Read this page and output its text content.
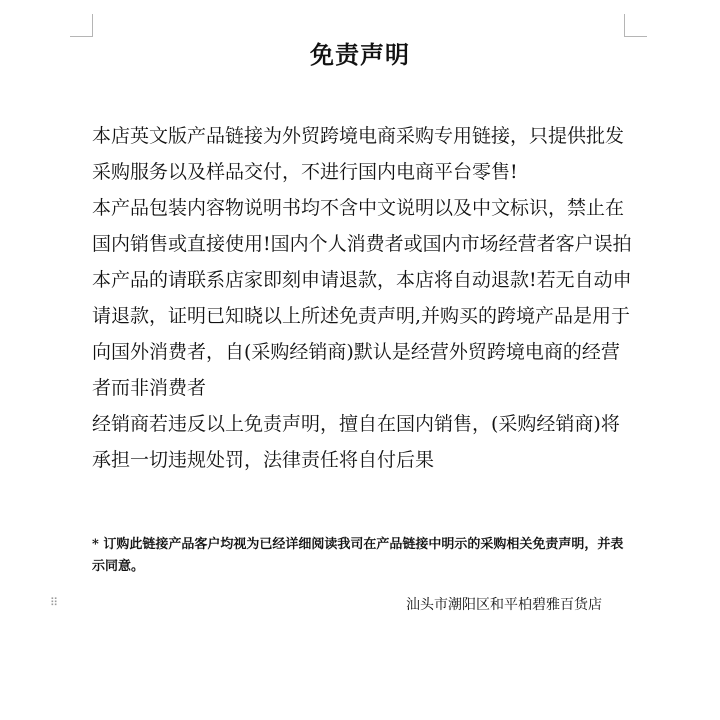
免责声明

本店英文版产品链接为外贸跨境电商采购专用链接，只提供批发采购服务以及样品交付，不进行国内电商平台零售!

本产品包装内容物说明书均不含中文说明以及中文标识，禁止在国内销售或直接使用!国内个人消费者或国内市场经营者客户误拍本产品的请联系店家即刻申请退款，本店将自动退款!若无自动申请退款，证明已知晓以上所述免责声明,并购买的跨境产品是用于向国外消费者，自(采购经销商)默认是经营外贸跨境电商的经营者而非消费者

经销商若违反以上免责声明，擅自在国内销售，(采购经销商)将承担一切违规处罚，法律责任将自付后果

* 订购此链接产品客户均视为已经详细阅读我司在产品链接中明示的采购相关免责声明，并表示同意。
⠿	汕头市潮阳区和平柏碧雅百货店
